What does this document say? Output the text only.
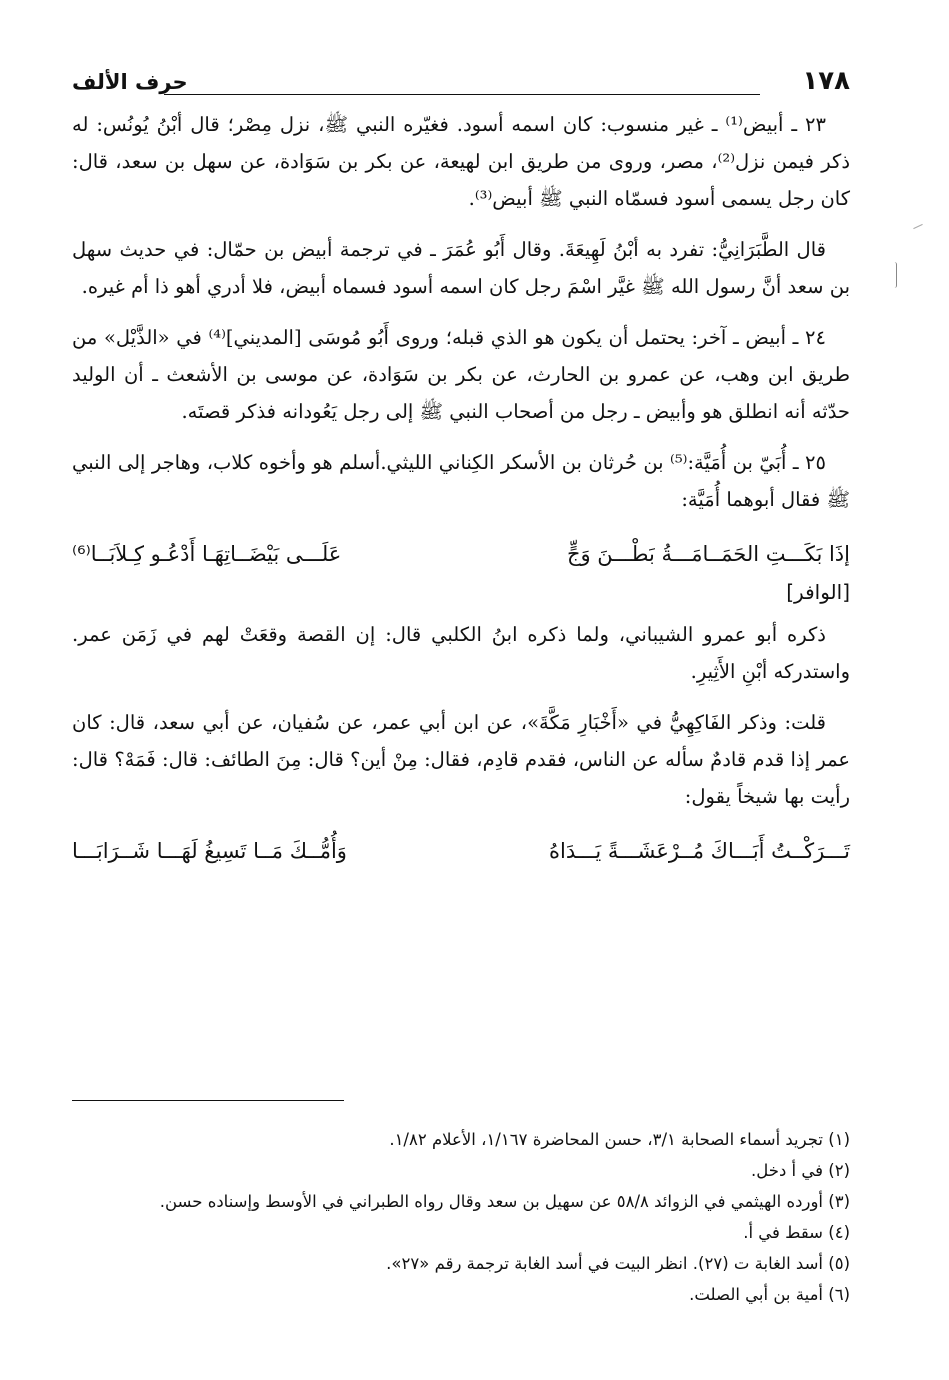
١٧٨
حرف الألف

٢٣ ـ أبيض⁽¹⁾ ـ غير منسوب: كان اسمه أسود. فغيّره النبي ﷺ، نزل مِصْر؛ قال أبْنُ يُونُس: له ذكر فيمن نزل⁽²⁾، مصر، وروى من طريق ابن لهيعة، عن بكر بن سَوَادة، عن سهل بن سعد، قال: كان رجل يسمى أسود فسمّاه النبي ﷺ أبيض⁽³⁾.

قال الطَّبَرَانِيُّ: تفرد به أبْنُ لَهِيعَةَ. وقال أَبُو عُمَرَ ـ في ترجمة أبيض بن حمّال: في حديث سهل بن سعد أنَّ رسول الله ﷺ غيَّر اسْمَ رجل كان اسمه أسود فسماه أبيض، فلا أدري أهو ذا أم غيره.

٢٤ ـ أبيض ـ آخر: يحتمل أن يكون هو الذي قبله؛ وروى أَبُو مُوسَى [المديني]⁽⁴⁾ في «الذَّيْل» من طريق ابن وهب، عن عمرو بن الحارث، عن بكر بن سَوَادة، عن موسى بن الأشعث ـ أن الوليد حدّثه أنه انطلق هو وأبيض ـ رجل من أصحاب النبي ﷺ إلى رجل يَعُودانه فذكر قصتَه.

٢٥ ـ أُبَيّ بن أُمَيَّة:⁽⁵⁾ بن حُرثان بن الأسكر الكِناني الليثي.أسلم هو وأخوه كلاب، وهاجر إلى النبي ﷺ فقال أبوهما أُمَيَّة:

إذَا بَكَـــتِ الحَمَــامَـــةُ بَطْـــنَ وَجٍّ
عَلَـــى بَيْضَــاتِهَـا أَدْعُـو كِـلاَبَــا⁽⁶⁾
[الوافر]

ذكره أبو عمرو الشيباني، ولما ذكره ابنُ الكلبي قال: إن القصة وقعَتْ لهم في زَمَن عمر. واستدركه أبْنِ الأَثِيرِ.

قلت: وذكر الفَاكِهِيُّ في «أَخْبَارِ مَكَّةَ»، عن ابن أبي عمر، عن سُفيان، عن أبي سعد، قال: كان عمر إذا قدم قادمٌ سأله عن الناس، فقدم قادِم، فقال: مِنْ أين؟ قال: مِنَ الطائف: قال: فَمَهْ؟ قال: رأيت بها شيخاً يقول:

تَـــرَكْــتُ أَبَـــاكَ مُــرْعَشَـــةً يَـــدَاهُ
وَأُمُّــكَ مَــا تَسِيغُ لَهَـــا شَــرَابَـــا
(١) تجريد أسماء الصحابة ٣/١، حسن المحاضرة ١/١٦٧، الأعلام ١/٨٢.
(٢) في أ دخل.
(٣) أورده الهيثمي في الزوائد ٥٨/٨ عن سهيل بن سعد وقال رواه الطبراني في الأوسط وإسناده حسن.
(٤) سقط في أ.
(٥) أسد الغابة ت (٢٧). انظر البيت في أسد الغابة ترجمة رقم «٢٧».
(٦) أمية بن أبي الصلت.
